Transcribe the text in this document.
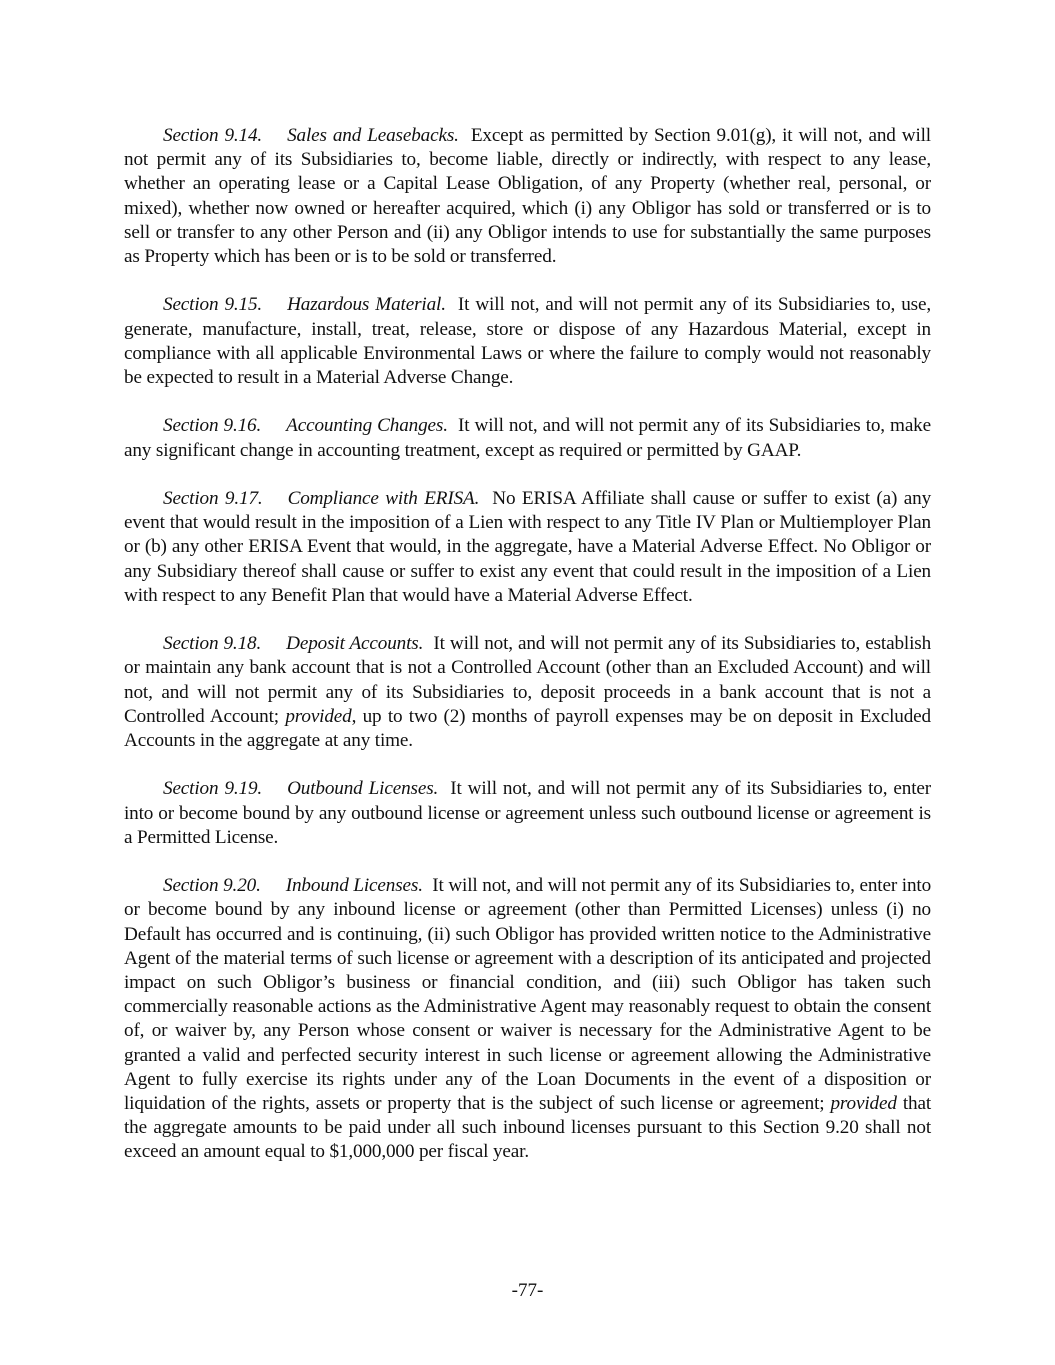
Section 9.14. Sales and Leasebacks. Except as permitted by Section 9.01(g), it will not, and will not permit any of its Subsidiaries to, become liable, directly or indirectly, with respect to any lease, whether an operating lease or a Capital Lease Obligation, of any Property (whether real, personal, or mixed), whether now owned or hereafter acquired, which (i) any Obligor has sold or transferred or is to sell or transfer to any other Person and (ii) any Obligor intends to use for substantially the same purposes as Property which has been or is to be sold or transferred.

Section 9.15. Hazardous Material. It will not, and will not permit any of its Subsidiaries to, use, generate, manufacture, install, treat, release, store or dispose of any Hazardous Material, except in compliance with all applicable Environmental Laws or where the failure to comply would not reasonably be expected to result in a Material Adverse Change.

Section 9.16. Accounting Changes. It will not, and will not permit any of its Subsidiaries to, make any significant change in accounting treatment, except as required or permitted by GAAP.

Section 9.17. Compliance with ERISA. No ERISA Affiliate shall cause or suffer to exist (a) any event that would result in the imposition of a Lien with respect to any Title IV Plan or Multiemployer Plan or (b) any other ERISA Event that would, in the aggregate, have a Material Adverse Effect. No Obligor or any Subsidiary thereof shall cause or suffer to exist any event that could result in the imposition of a Lien with respect to any Benefit Plan that would have a Material Adverse Effect.

Section 9.18. Deposit Accounts. It will not, and will not permit any of its Subsidiaries to, establish or maintain any bank account that is not a Controlled Account (other than an Excluded Account) and will not, and will not permit any of its Subsidiaries to, deposit proceeds in a bank account that is not a Controlled Account; provided, up to two (2) months of payroll expenses may be on deposit in Excluded Accounts in the aggregate at any time.

Section 9.19. Outbound Licenses. It will not, and will not permit any of its Subsidiaries to, enter into or become bound by any outbound license or agreement unless such outbound license or agreement is a Permitted License.

Section 9.20. Inbound Licenses. It will not, and will not permit any of its Subsidiaries to, enter into or become bound by any inbound license or agreement (other than Permitted Licenses) unless (i) no Default has occurred and is continuing, (ii) such Obligor has provided written notice to the Administrative Agent of the material terms of such license or agreement with a description of its anticipated and projected impact on such Obligor’s business or financial condition, and (iii) such Obligor has taken such commercially reasonable actions as the Administrative Agent may reasonably request to obtain the consent of, or waiver by, any Person whose consent or waiver is necessary for the Administrative Agent to be granted a valid and perfected security interest in such license or agreement allowing the Administrative Agent to fully exercise its rights under any of the Loan Documents in the event of a disposition or liquidation of the rights, assets or property that is the subject of such license or agreement; provided that the aggregate amounts to be paid under all such inbound licenses pursuant to this Section 9.20 shall not exceed an amount equal to $1,000,000 per fiscal year.

-77-
